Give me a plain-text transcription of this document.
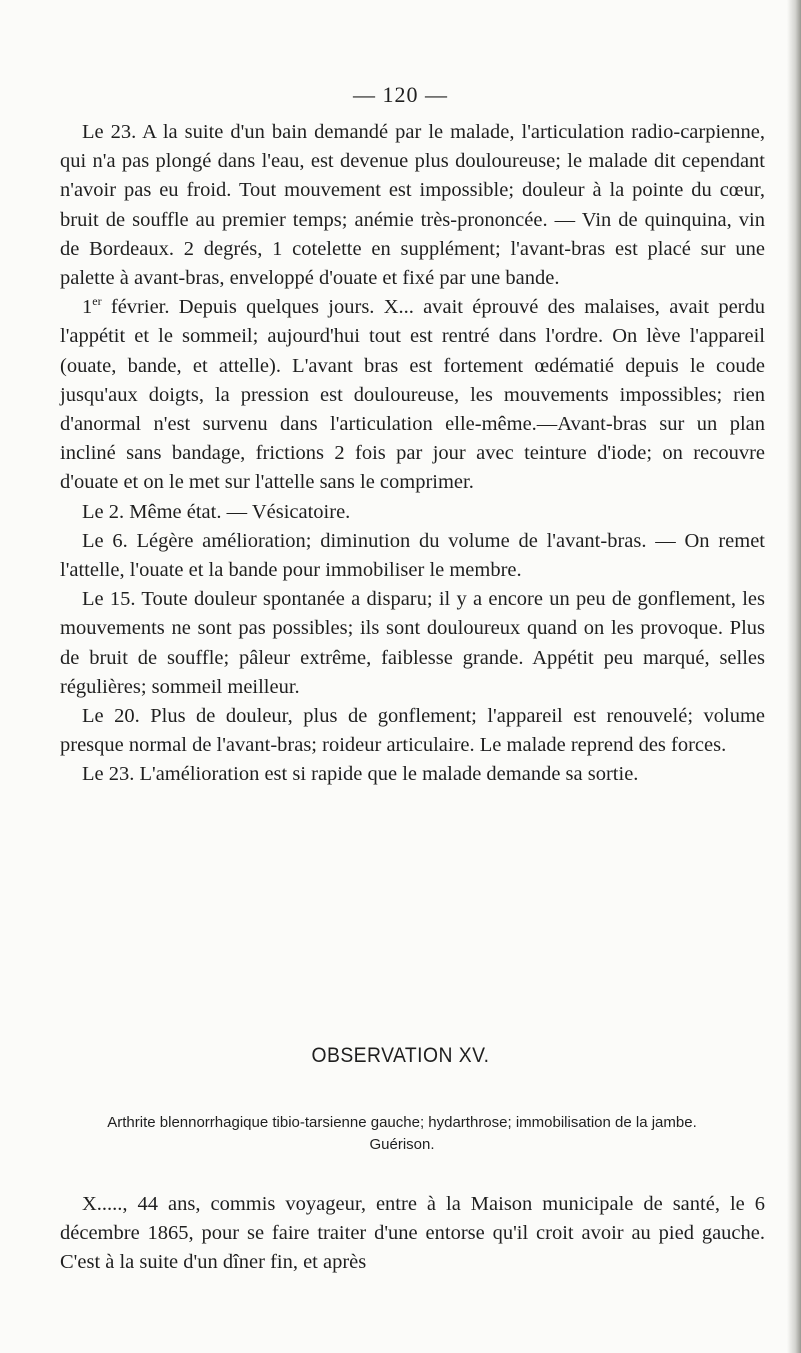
— 120 —

Le 23. A la suite d'un bain demandé par le malade, l'articulation radio-carpienne, qui n'a pas plongé dans l'eau, est devenue plus douloureuse; le malade dit cependant n'avoir pas eu froid. Tout mouvement est impossible; douleur à la pointe du cœur, bruit de souffle au premier temps; anémie très-prononcée. — Vin de quinquina, vin de Bordeaux. 2 degrés, 1 cotelette en supplément; l'avant-bras est placé sur une palette à avant-bras, enveloppé d'ouate et fixé par une bande.

1er février. Depuis quelques jours. X... avait éprouvé des malaises, avait perdu l'appétit et le sommeil; aujourd'hui tout est rentré dans l'ordre. On lève l'appareil (ouate, bande, et attelle). L'avant bras est fortement œdématié depuis le coude jusqu'aux doigts, la pression est douloureuse, les mouvements impossibles; rien d'anormal n'est survenu dans l'articulation elle-même.—Avant-bras sur un plan incliné sans bandage, frictions 2 fois par jour avec teinture d'iode; on recouvre d'ouate et on le met sur l'attelle sans le comprimer.

Le 2. Même état. — Vésicatoire.

Le 6. Légère amélioration; diminution du volume de l'avant-bras. — On remet l'attelle, l'ouate et la bande pour immobiliser le membre.

Le 15. Toute douleur spontanée a disparu; il y a encore un peu de gonflement, les mouvements ne sont pas possibles; ils sont douloureux quand on les provoque. Plus de bruit de souffle; pâleur extrême, faiblesse grande. Appétit peu marqué, selles régulières; sommeil meilleur.

Le 20. Plus de douleur, plus de gonflement; l'appareil est renouvelé; volume presque normal de l'avant-bras; roideur articulaire. Le malade reprend des forces.

Le 23. L'amélioration est si rapide que le malade demande sa sortie.

OBSERVATION XV.
Arthrite blennorrhagique tibio-tarsienne gauche; hydarthrose; immobilisation de la jambe. Guérison.

X....., 44 ans, commis voyageur, entre à la Maison municipale de santé, le 6 décembre 1865, pour se faire traiter d'une entorse qu'il croit avoir au pied gauche. C'est à la suite d'un dîner fin, et après
